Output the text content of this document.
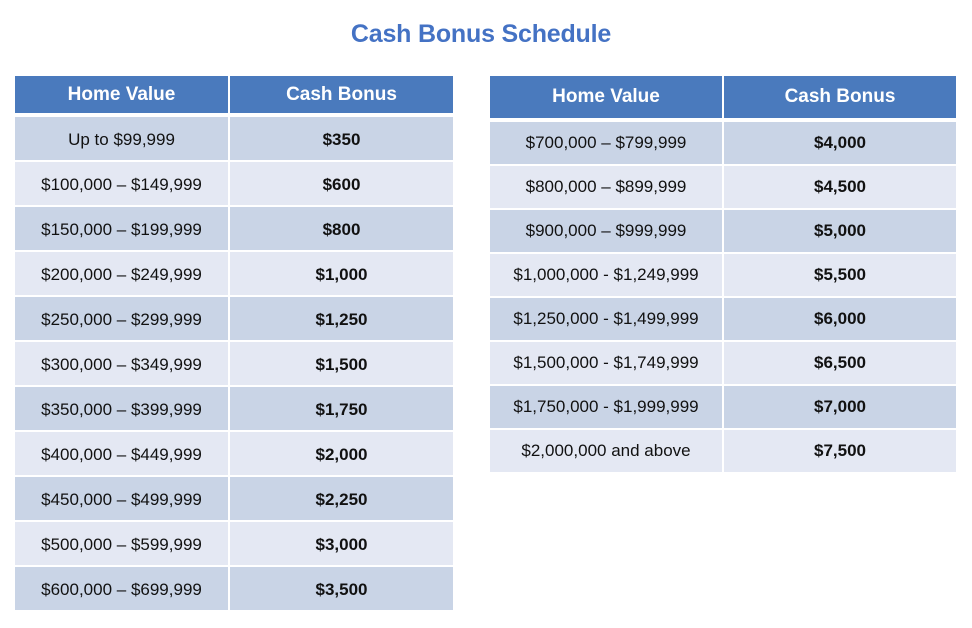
Cash Bonus Schedule
Home Value	Cash Bonus

Up to $99,999	$350

$100,000 – $149,999	$600

$150,000 – $199,999	$800

$200,000 – $249,999	$1,000

$250,000 – $299,999	$1,250

$300,000 – $349,999	$1,500

$350,000 – $399,999	$1,750

$400,000 – $449,999	$2,000

$450,000 – $499,999	$2,250

$500,000 – $599,999	$3,000

$600,000 – $699,999	$3,500
Home Value	Cash Bonus

$700,000 – $799,999	$4,000

$800,000 – $899,999	$4,500

$900,000 – $999,999	$5,000

$1,000,000 - $1,249,999	$5,500

$1,250,000 - $1,499,999	$6,000

$1,500,000 - $1,749,999	$6,500

$1,750,000 - $1,999,999	$7,000

$2,000,000 and above	$7,500
